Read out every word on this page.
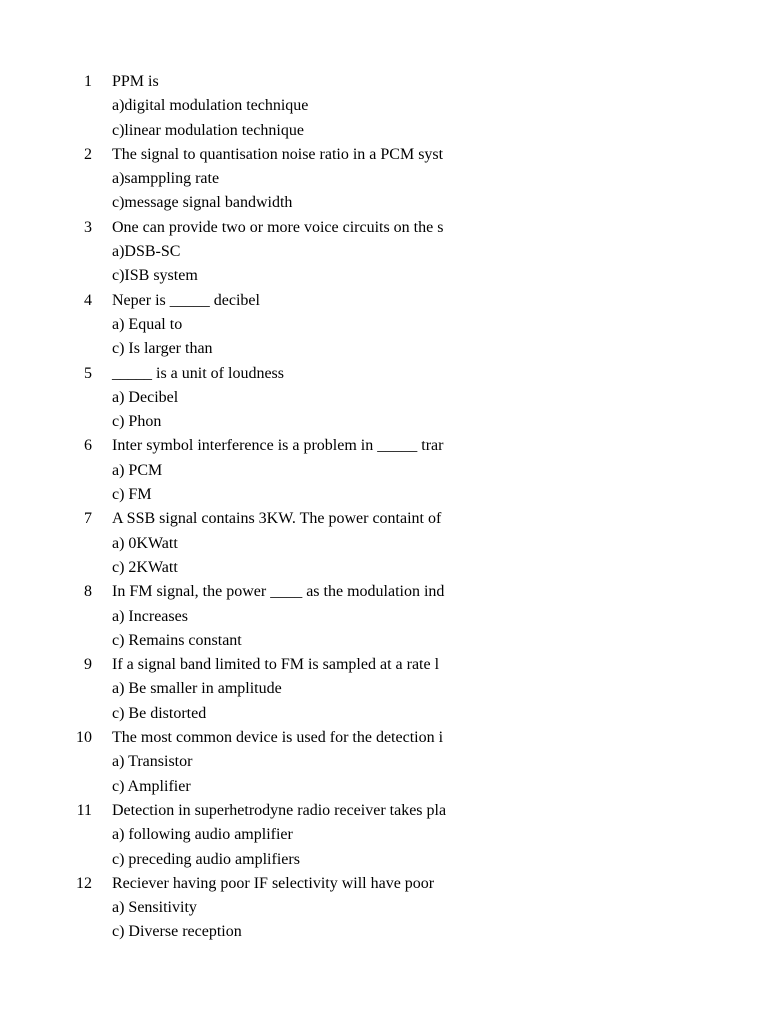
1 PPM is
a)digital modulation technique
c)linear modulation technique
2 The signal to quantisation noise ratio in a PCM syst
a)samppling rate
c)message signal bandwidth
3 One can provide two or more voice circuits on the s
a)DSB-SC
c)ISB system
4 Neper is _____ decibel
a) Equal to
c) Is larger than
5 _____ is a unit of loudness
a) Decibel
c) Phon
6 Inter symbol interference is a problem in _____ trar
a) PCM
c) FM
7 A SSB signal contains 3KW. The power containt of
a) 0KWatt
c) 2KWatt
8 In FM signal, the power ____ as the modulation ind
a) Increases
c) Remains constant
9 If a signal band limited to FM is sampled at a rate l
a) Be smaller in amplitude
c) Be distorted
10 The most common device is used for the detection i
a) Transistor
c) Amplifier
11 Detection in superhetrodyne radio receiver takes pla
a) following audio amplifier
c) preceding audio amplifiers
12 Reciever having poor IF selectivity will have poor
a) Sensitivity
c) Diverse reception
